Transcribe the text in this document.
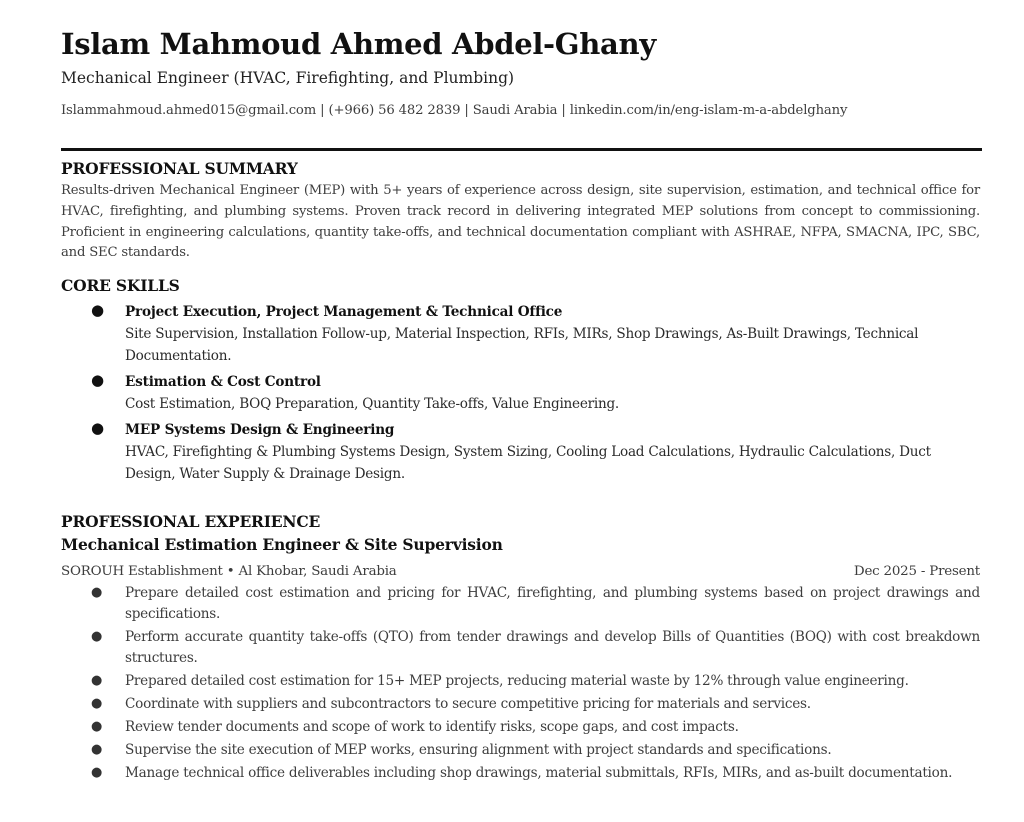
Islam Mahmoud Ahmed Abdel-Ghany
Mechanical Engineer (HVAC, Firefighting, and Plumbing)
Islammahmoud.ahmed015@gmail.com | (+966) 56 482 2839 | Saudi Arabia | linkedin.com/in/eng-islam-m-a-abdelghany
PROFESSIONAL SUMMARY
Results-driven Mechanical Engineer (MEP) with 5+ years of experience across design, site supervision, estimation, and technical office for HVAC, firefighting, and plumbing systems. Proven track record in delivering integrated MEP solutions from concept to commissioning. Proficient in engineering calculations, quantity take-offs, and technical documentation compliant with ASHRAE, NFPA, SMACNA, IPC, SBC, and SEC standards.
CORE SKILLS
● Project Execution, Project Management & Technical Office
Site Supervision, Installation Follow-up, Material Inspection, RFIs, MIRs, Shop Drawings, As-Built Drawings, Technical Documentation.
● Estimation & Cost Control
Cost Estimation, BOQ Preparation, Quantity Take-offs, Value Engineering.
● MEP Systems Design & Engineering
HVAC, Firefighting & Plumbing Systems Design, System Sizing, Cooling Load Calculations, Hydraulic Calculations, Duct Design, Water Supply & Drainage Design.
PROFESSIONAL EXPERIENCE
Mechanical Estimation Engineer & Site Supervision
SOROUH Establishment • Al Khobar, Saudi Arabia	Dec 2025 - Present
● Prepare detailed cost estimation and pricing for HVAC, firefighting, and plumbing systems based on project drawings and specifications.
● Perform accurate quantity take-offs (QTO) from tender drawings and develop Bills of Quantities (BOQ) with cost breakdown structures.
● Prepared detailed cost estimation for 15+ MEP projects, reducing material waste by 12% through value engineering.
● Coordinate with suppliers and subcontractors to secure competitive pricing for materials and services.
● Review tender documents and scope of work to identify risks, scope gaps, and cost impacts.
● Supervise the site execution of MEP works, ensuring alignment with project standards and specifications.
● Manage technical office deliverables including shop drawings, material submittals, RFIs, MIRs, and as-built documentation.
